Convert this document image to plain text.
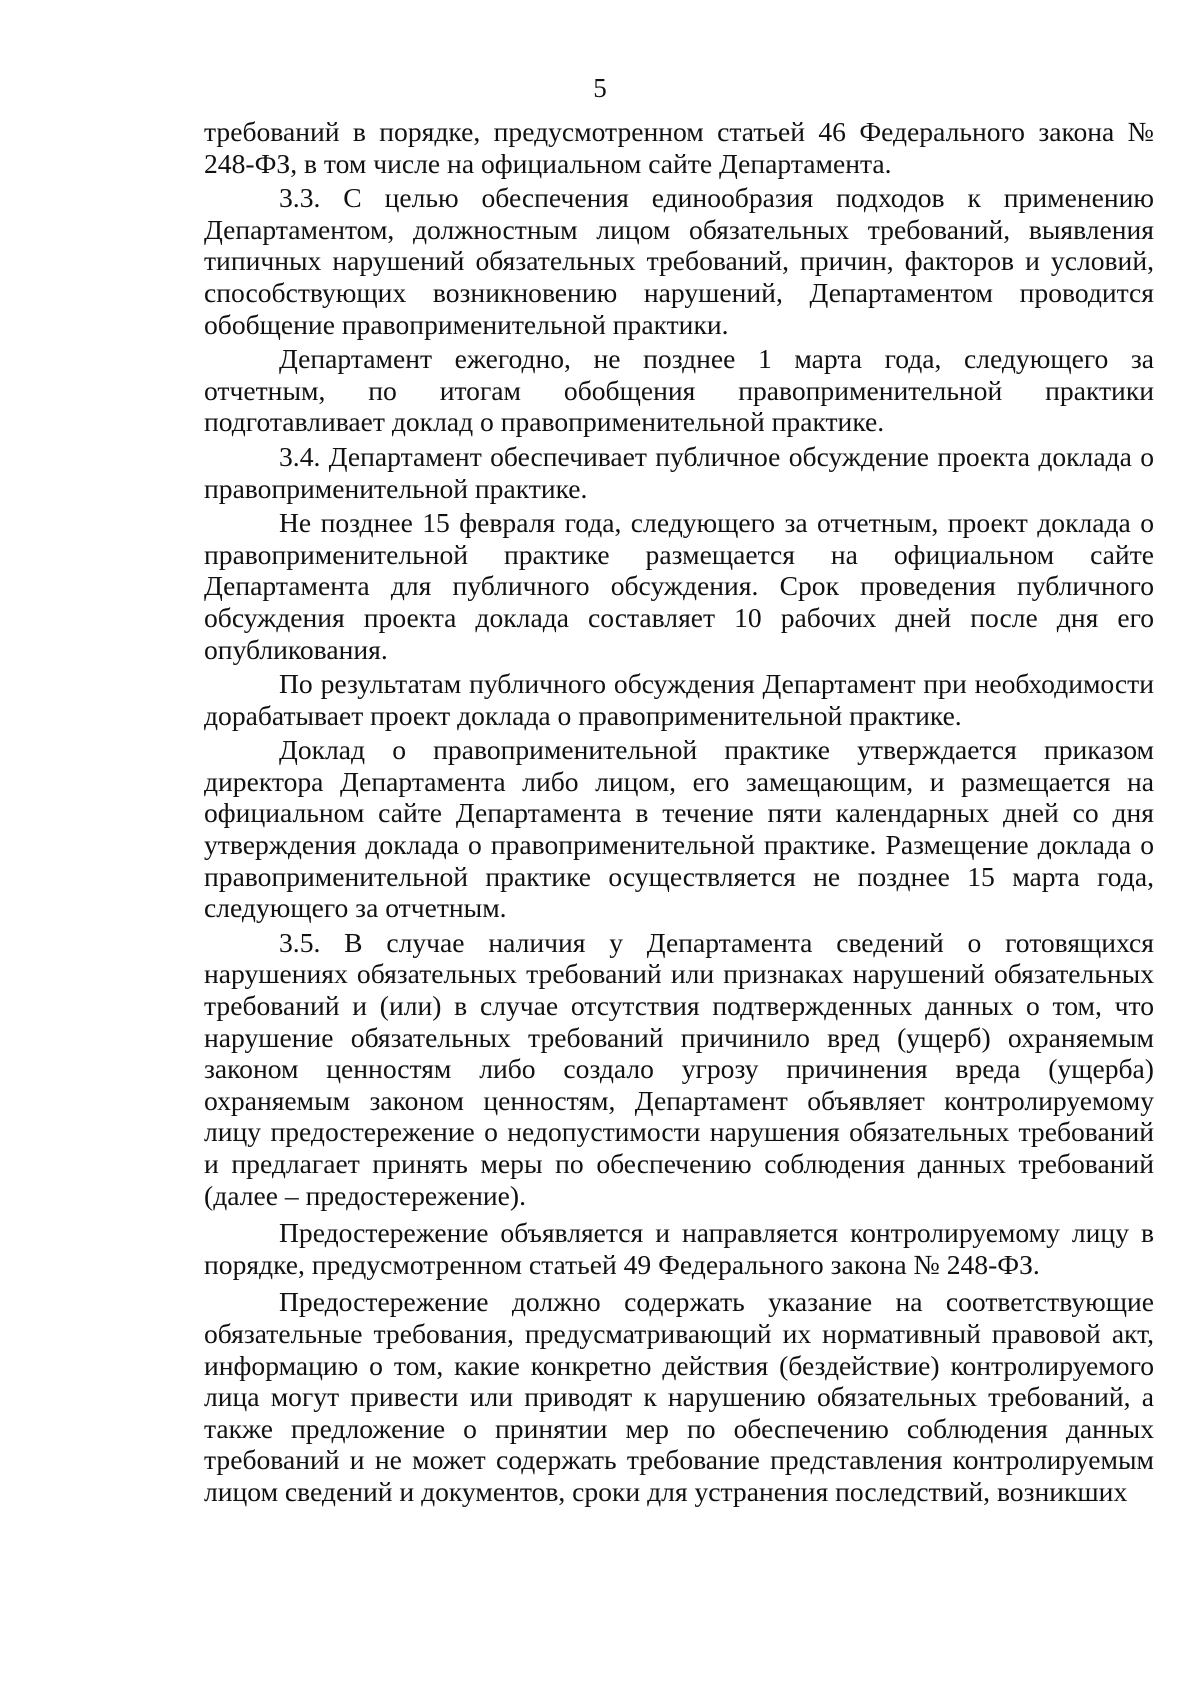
5

требований в порядке, предусмотренном статьей 46 Федерального закона № 248-ФЗ, в том числе на официальном сайте Департамента.

3.3. С целью обеспечения единообразия подходов к применению Департаментом, должностным лицом обязательных требований, выявления типичных нарушений обязательных требований, причин, факторов и условий, способствующих возникновению нарушений, Департаментом проводится обобщение правоприменительной практики.

Департамент ежегодно, не позднее 1 марта года, следующего за отчетным, по итогам обобщения правоприменительной практики подготавливает доклад о правоприменительной практике.

3.4. Департамент обеспечивает публичное обсуждение проекта доклада о правоприменительной практике.

Не позднее 15 февраля года, следующего за отчетным, проект доклада о правоприменительной практике размещается на официальном сайте Департамента для публичного обсуждения. Срок проведения публичного обсуждения проекта доклада составляет 10 рабочих дней после дня его опубликования.

По результатам публичного обсуждения Департамент при необходимости дорабатывает проект доклада о правоприменительной практике.

Доклад о правоприменительной практике утверждается приказом директора Департамента либо лицом, его замещающим, и размещается на официальном сайте Департамента в течение пяти календарных дней со дня утверждения доклада о правоприменительной практике. Размещение доклада о правоприменительной практике осуществляется не позднее 15 марта года, следующего за отчетным.

3.5. В случае наличия у Департамента сведений о готовящихся нарушениях обязательных требований или признаках нарушений обязательных требований и (или) в случае отсутствия подтвержденных данных о том, что нарушение обязательных требований причинило вред (ущерб) охраняемым законом ценностям либо создало угрозу причинения вреда (ущерба) охраняемым законом ценностям, Департамент объявляет контролируемому лицу предостережение о недопустимости нарушения обязательных требований и предлагает принять меры по обеспечению соблюдения данных требований (далее – предостережение).

Предостережение объявляется и направляется контролируемому лицу в порядке, предусмотренном статьей 49 Федерального закона № 248-ФЗ.

Предостережение должно содержать указание на соответствующие обязательные требования, предусматривающий их нормативный правовой акт, информацию о том, какие конкретно действия (бездействие) контролируемого лица могут привести или приводят к нарушению обязательных требований, а также предложение о принятии мер по обеспечению соблюдения данных требований и не может содержать требование представления контролируемым лицом сведений и документов, сроки для устранения последствий, возникших
